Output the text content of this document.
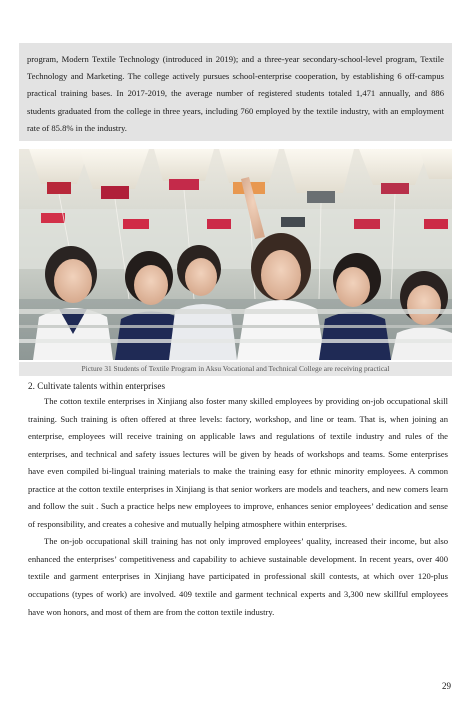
program, Modern Textile Technology (introduced in 2019); and a three-year secondary-school-level program, Textile Technology and Marketing. The college actively pursues school-enterprise cooperation, by establishing 6 off-campus practical training bases. In 2017-2019, the average number of registered students totaled 1,471 annually, and 886 students graduated from the college in three years, including 760 employed by the textile industry, with an employment rate of 85.8% in the industry.
Picture 31 Students of Textile Program in Aksu Vocational and Technical College are receiving practical
2. Cultivate talents within enterprises

The cotton textile enterprises in Xinjiang also foster many skilled employees by providing on-job occupational skill training. Such training is often offered at three levels: factory, workshop, and line or team. That is, when joining an enterprise, employees will receive training on applicable laws and regulations of textile industry and rules of the enterprises, and technical and safety issues lectures will be given by heads of workshops and teams. Some enterprises have even compiled bi-lingual training materials to make the training easy for ethnic minority employees. A common practice at the cotton textile enterprises in Xinjiang is that senior workers are models and teachers, and new comers learn and follow the suit . Such a practice helps new employees to improve, enhances senior employees’ dedication and sense of responsibility, and creates a cohesive and mutually helping atmosphere within enterprises.

The on-job occupational skill training has not only improved employees’ quality, increased their income, but also enhanced the enterprises’ competitiveness and capability to achieve sustainable development. In recent years, over 400 textile and garment enterprises in Xinjiang have participated in professional skill contests, at which over 120-plus occupations (types of work) are involved. 409 textile and garment technical experts and 3,300 new skillful employees have won honors, and most of them are from the cotton textile industry.

29
